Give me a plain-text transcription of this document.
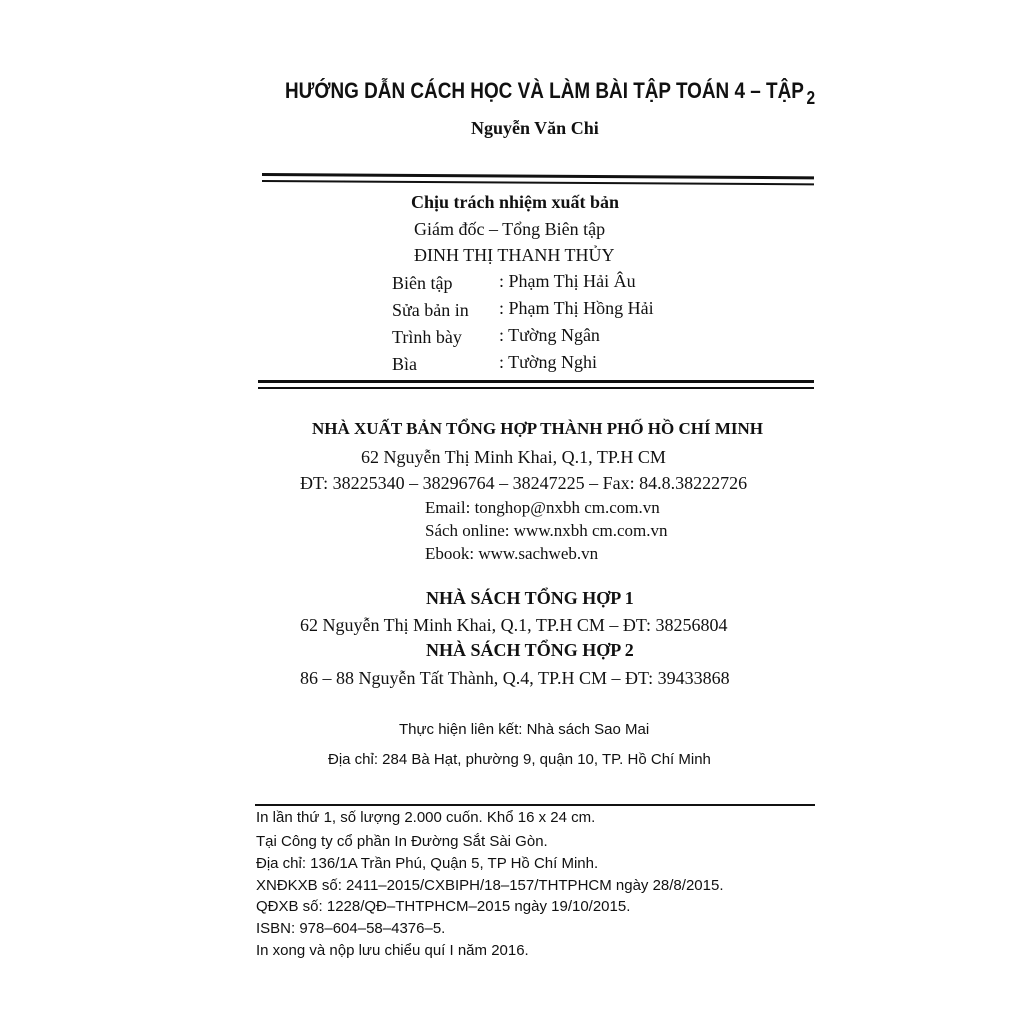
HƯỚNG DẪN CÁCH HỌC VÀ LÀM BÀI TẬP TOÁN 4 – TẬP $_2$
Nguyễn Văn Chi
Chịu trách nhiệm xuất bản
Giám đốc – Tổng Biên tập
ĐINH THỊ THANH THỦY
Biên tập	: Phạm Thị Hải Âu
Sửa bản in : Phạm Thị Hồng Hải
Trình bày : Tường Ngân
Bìa	: Tường Nghi
NHÀ XUẤT BẢN TỔNG HỢP THÀNH PHỐ HỒ CHÍ MINH
62 Nguyễn Thị Minh Khai, Q.1, TP.H CM
ĐT: 38225340 – 38296764 – 38247225 – Fax: 84.8.38222726
Email: tonghop@nxbh cm.com.vn
Sách online: www.nxbh cm.com.vn
Ebook: www.sachweb.vn
NHÀ SÁCH TỔNG HỢP 1
62 Nguyễn Thị Minh Khai, Q.1, TP.H CM – ĐT: 38256804
NHÀ SÁCH TỔNG HỢP 2
86 – 88 Nguyễn Tất Thành, Q.4, TP.H CM – ĐT: 39433868
Thực hiện liên kết: Nhà sách Sao Mai
Địa chỉ: 284 Bà Hạt, phường 9, quận 10, TP. Hồ Chí Minh
In lần thứ 1, số lượng 2.000 cuốn. Khổ 16 x 24 cm.
Tại Công ty cổ phần In Đường Sắt Sài Gòn.
Địa chỉ: 136/1A Trần Phú, Quận 5, TP Hồ Chí Minh.
XNĐKXB số: 2411–2015/CXBIPH/18–157/THTPHCM ngày 28/8/2015.
QĐXB số: 1228/QĐ–THTPHCM–2015 ngày 19/10/2015.
ISBN: 978–604–58–4376–5.
In xong và nộp lưu chiểu quí I năm 2016.
